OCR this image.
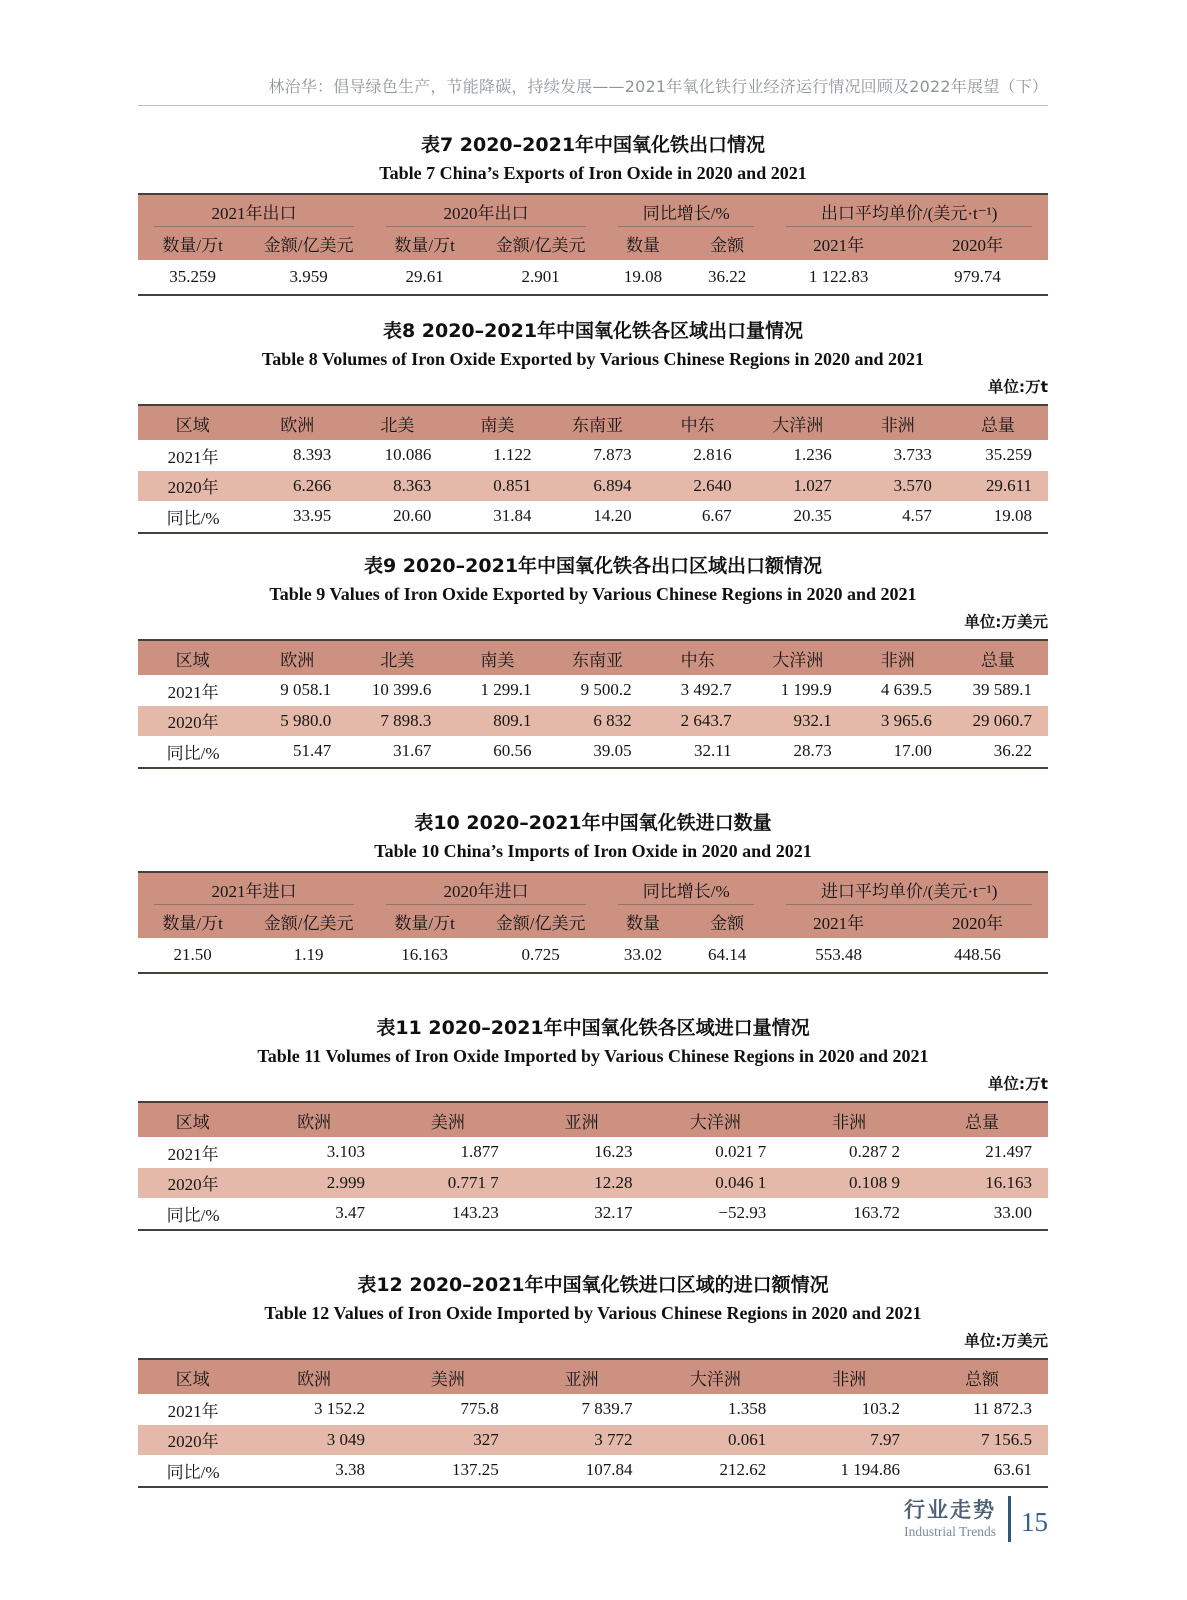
林治华：倡导绿色生产，节能降碳，持续发展——2021年氧化铁行业经济运行情况回顾及2022年展望（下）
表7 2020–2021年中国氧化铁出口情况
Table 7 China’s Exports of Iron Oxide in 2020 and 2021
2021年出口		2020年出口		同比增长/%		出口平均单价/(美元·t⁻¹)	
数量/万t	金额/亿美元	数量/万t	金额/亿美元	数量	金额	2021年	2020年
35.259	3.959	29.61	2.901	19.08	36.22	1 122.83	979.74
表8 2020–2021年中国氧化铁各区域出口量情况
Table 8 Volumes of Iron Oxide Exported by Various Chinese Regions in 2020 and 2021
单位:万t
区域	欧洲	北美	南美	东南亚	中东	大洋洲	非洲	总量
2021年	8.393	10.086	1.122	7.873	2.816	1.236	3.733	35.259
2020年	6.266	8.363	0.851	6.894	2.640	1.027	3.570	29.611
同比/%	33.95	20.60	31.84	14.20	6.67	20.35	4.57	19.08
表9 2020–2021年中国氧化铁各出口区域出口额情况
Table 9 Values of Iron Oxide Exported by Various Chinese Regions in 2020 and 2021
单位:万美元
区域	欧洲	北美	南美	东南亚	中东	大洋洲	非洲	总量
2021年	9 058.1	10 399.6	1 299.1	9 500.2	3 492.7	1 199.9	4 639.5	39 589.1
2020年	5 980.0	7 898.3	809.1	6 832	2 643.7	932.1	3 965.6	29 060.7
同比/%	51.47	31.67	60.56	39.05	32.11	28.73	17.00	36.22
表10 2020–2021年中国氧化铁进口数量
Table 10 China’s Imports of Iron Oxide in 2020 and 2021
2021年进口		2020年进口		同比增长/%		进口平均单价/(美元·t⁻¹)	
数量/万t	金额/亿美元	数量/万t	金额/亿美元	数量	金额	2021年	2020年
21.50	1.19	16.163	0.725	33.02	64.14	553.48	448.56
表11 2020–2021年中国氧化铁各区域进口量情况
Table 11 Volumes of Iron Oxide Imported by Various Chinese Regions in 2020 and 2021
单位:万t
区域	欧洲	美洲	亚洲	大洋洲	非洲	总量
2021年	3.103	1.877	16.23	0.021 7	0.287 2	21.497
2020年	2.999	0.771 7	12.28	0.046 1	0.108 9	16.163
同比/%	3.47	143.23	32.17	−52.93	163.72	33.00
表12 2020–2021年中国氧化铁进口区域的进口额情况
Table 12 Values of Iron Oxide Imported by Various Chinese Regions in 2020 and 2021
单位:万美元
区域	欧洲	美洲	亚洲	大洋洲	非洲	总额
2021年	3 152.2	775.8	7 839.7	1.358	103.2	11 872.3
2020年	3 049	327	3 772	0.061	7.97	7 156.5
同比/%	3.38	137.25	107.84	212.62	1 194.86	63.61
行业走势
Industrial Trends 15
